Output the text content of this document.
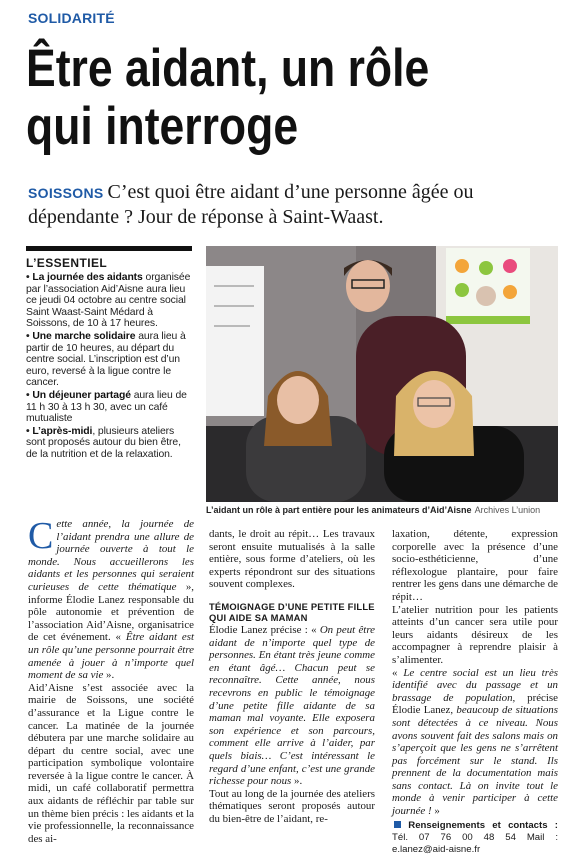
SOLIDARITÉ
Être aidant, un rôle
qui interroge
SOISSONS C’est quoi être aidant d’une personne âgée ou dépendante ? Jour de réponse à Saint-Waast.
L’ESSENTIEL
• La journée des aidants organisée par l’association Aid’Aisne aura lieu ce jeudi 04 octobre au centre social Saint Waast-Saint Médard à Soissons, de 10 à 17 heures.
• Une marche solidaire aura lieu à partir de 10 heures, au départ du centre social. L’inscription est d’un euro, reversé à la ligue contre le cancer.
• Un déjeuner partagé aura lieu de 11 h 30 à 13 h 30, avec un café mutualiste
• L’après-midi, plusieurs ateliers sont proposés autour du bien être, de la nutrition et de la relaxation.
L’aidant un rôle à part entière pour les animateurs d’Aid’Aisne Archives L’union

Cette année, la journée de l’aidant prendra une allure de journée ouverte à tout le monde. Nous accueillerons les aidants et les personnes qui seraient curieuses de cette thématique », informe Élodie Lanez responsable du pôle autonomie et prévention de l’association Aid’Aisne, organisatrice de cet événement. « Être aidant est un rôle qu’une personne pourrait être amenée à jouer à n’importe quel moment de sa vie ».

Aid’Aisne s’est associée avec la mairie de Soissons, une société d’assurance et la Ligue contre le cancer. La matinée de la journée débutera par une marche solidaire au départ du centre social, avec une participation symbolique volontaire reversée à la ligue contre le cancer. À midi, un café collaboratif permettra aux aidants de réfléchir par table sur un thème bien précis : les aidants et la vie professionnelle, la reconnaissance des ai-

dants, le droit au répit… Les travaux seront ensuite mutualisés à la salle entière, sous forme d’ateliers, où les experts répondront sur des situations souvent complexes.

TÉMOIGNAGE D’UNE PETITE FILLE
QUI AIDE SA MAMAN

Élodie Lanez précise : « On peut être aidant de n’importe quel type de personnes. En étant très jeune comme en étant âgé… Chacun peut se reconnaître. Cette année, nous recevrons en public le témoignage d’une petite fille aidante de sa maman mal voyante. Elle exposera son expérience et son parcours, comment elle arrive à l’aider, par quels biais… C’est intéressant le regard d’une enfant, c’est une grande richesse pour nous ».

Tout au long de la journée des ateliers thématiques seront proposés autour du bien-être de l’aidant, re-

laxation, détente, expression corporelle avec la présence d’une socio-esthéticienne, d’une réflexologue plantaire, pour faire rentrer les gens dans une démarche de répit…

L’atelier nutrition pour les patients atteints d’un cancer sera utile pour leurs aidants désireux de les accompagner à reprendre plaisir à s’alimenter.

« Le centre social est un lieu très identifié avec du passage et un brassage de population, précise Élodie Lanez, beaucoup de situations sont détectées à ce niveau. Nous avons souvent fait des salons mais on s’aperçoit que les gens ne s’arrêtent pas forcément sur le stand. Ils prennent de la documentation mais sans contact. Là on invite tout le monde à venir participer à cette journée ! »

Renseignements et contacts : Tél. 07 76 00 48 54 Mail : e.lanez@aid-aisne.fr
